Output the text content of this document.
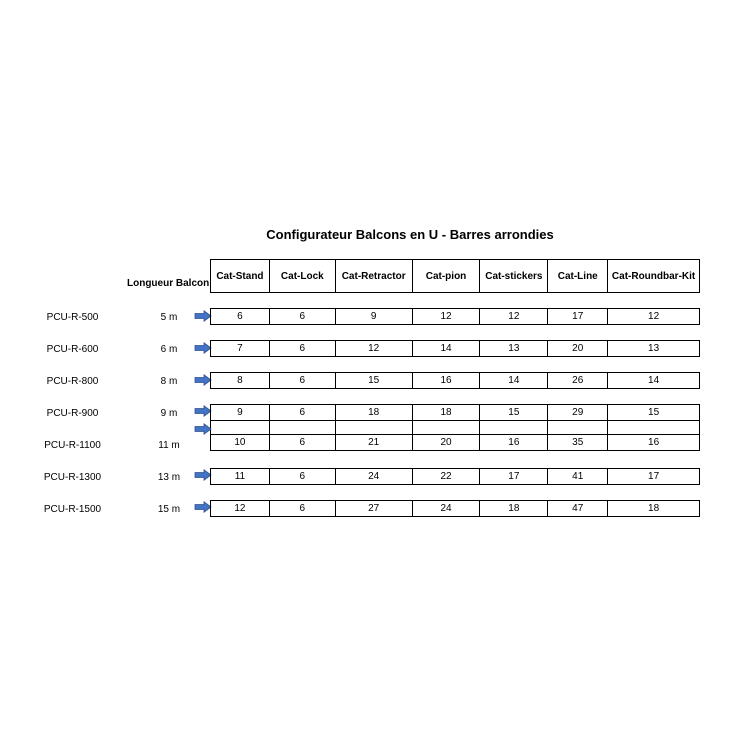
Configurateur Balcons en U - Barres arrondies
Longueur Balcon
Cat-Stand	Cat-Lock	Cat-Retractor	Cat-pion	Cat-stickers	Cat-Line	Cat-Roundbar-Kit
PCU-R-500	5 m	6	6	9	12	12	17	12
PCU-R-600	6 m	7	6	12	14	13	20	13
PCU-R-800	8 m	8	6	15	16	14	26	14
PCU-R-900	9 m	9	6	18	18	15	29	15
PCU-R-1100	11 m	10	6	21	20	16	35	16
PCU-R-1300	13 m	11	6	24	22	17	41	17
PCU-R-1500	15 m	12	6	27	24	18	47	18
